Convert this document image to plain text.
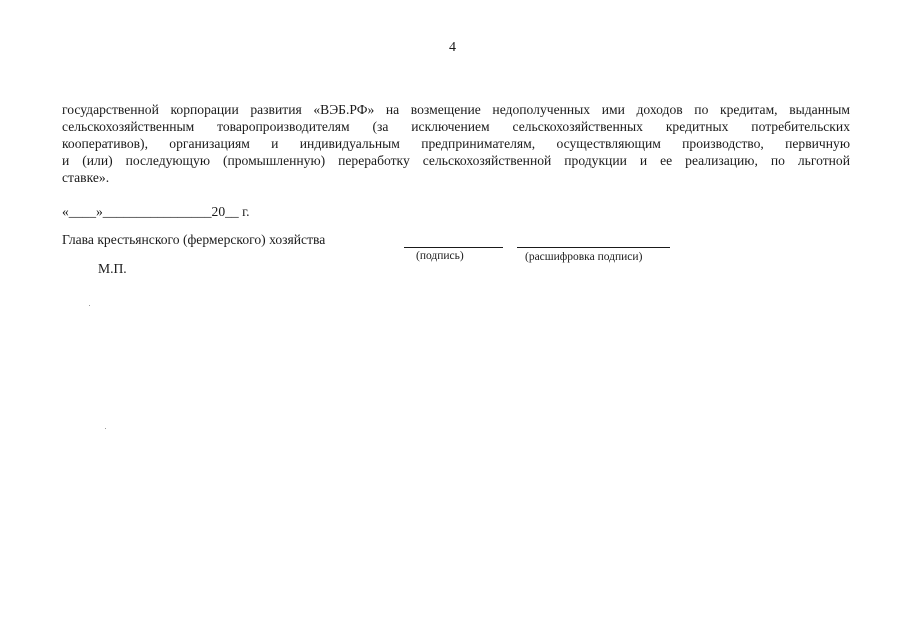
4
государственной корпорации развития «ВЭБ.РФ» на возмещение недополученных ими доходов по кредитам, выданным
сельскохозяйственным товаропроизводителям (за исключением сельскохозяйственных кредитных потребительских
кооперативов), организациям и индивидуальным предпринимателям, осуществляющим производство, первичную
и (или) последующую (промышленную) переработку сельскохозяйственной продукции и ее реализацию, по льготной
ставке».
«____»________________20__ г.
Глава крестьянского (фермерского) хозяйства
(подпись)	(расшифровка подписи)
М.П.
